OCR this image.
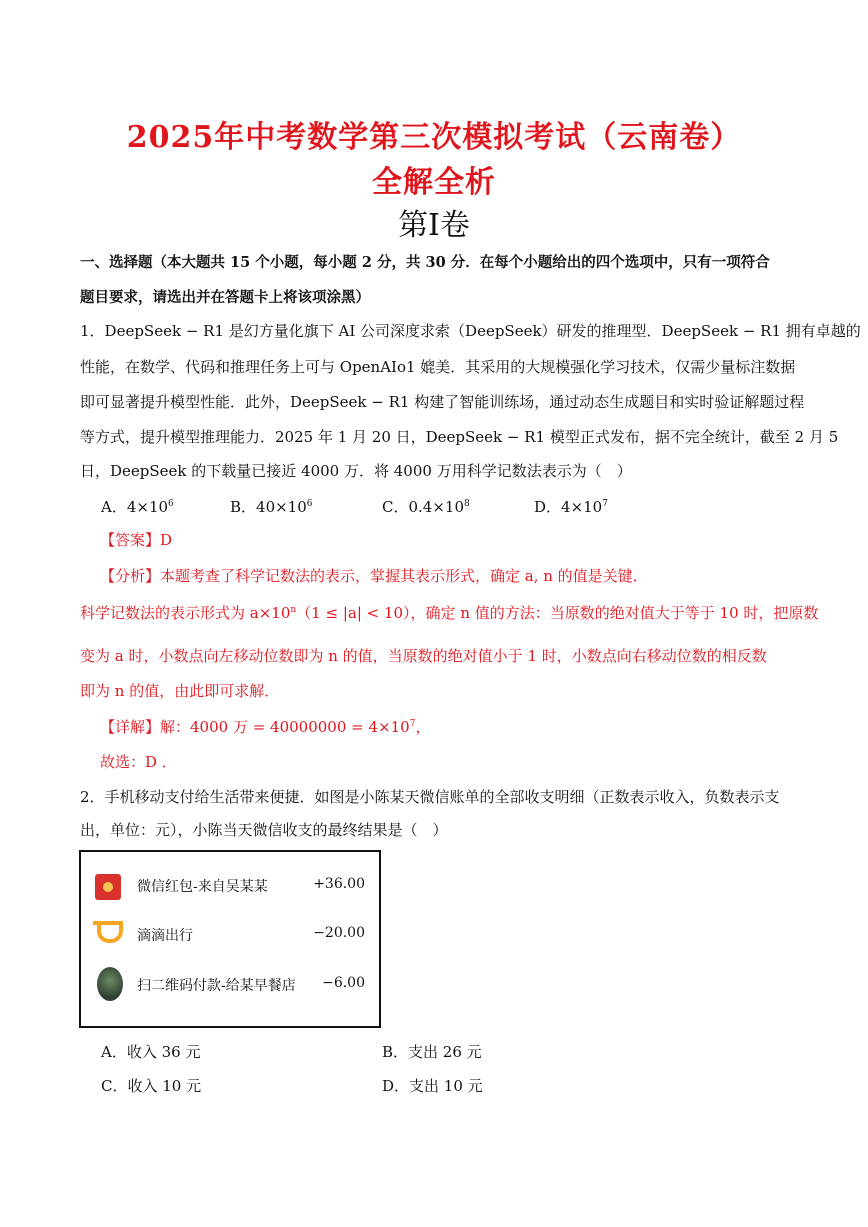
2025年中考数学第三次模拟考试（云南卷）
全解全析
第I卷
一、选择题（本大题共 15 个小题，每小题 2 分，共 30 分．在每个小题给出的四个选项中，只有一项符合
题目要求，请选出并在答题卡上将该项涂黑）
1．DeepSeek − R1 是幻方量化旗下 AI 公司深度求索（DeepSeek）研发的推理型．DeepSeek − R1 拥有卓越的
性能，在数学、代码和推理任务上可与 OpenAIo1 媲美．其采用的大规模强化学习技术，仅需少量标注数据
即可显著提升模型性能．此外，DeepSeek − R1 构建了智能训练场，通过动态生成题目和实时验证解题过程
等方式，提升模型推理能力．2025 年 1 月 20 日，DeepSeek − R1 模型正式发布，据不完全统计，截至 2 月 5
日，DeepSeek 的下载量已接近 4000 万．将 4000 万用科学记数法表示为（　）
A．$4\times 10^6$	B．$40\times 10^6$	C．$0.4\times 10^8$	D．$4\times 10^7$
【答案】D
【分析】本题考查了科学记数法的表示，掌握其表示形式，确定 a, n 的值是关键．
科学记数法的表示形式为 $a\times 10^n(1 \le |a| < 10)$，确定 n 值的方法：当原数的绝对值大于等于 10 时，把原数
变为 a 时，小数点向左移动位数即为 n 的值，当原数的绝对值小于 1 时，小数点向右移动位数的相反数
即为 n 的值，由此即可求解．
【详解】解：4000 万 = $40000000 = 4\times 10^7$，
故选：D ．
2．手机移动支付给生活带来便捷．如图是小陈某天微信账单的全部收支明细（正数表示收入，负数表示支
出，单位：元），小陈当天微信收支的最终结果是（　）
微信红包-来自吴某某	+36.00
滴滴出行	−20.00
扫二维码付款-给某早餐店 −6.00
A．收入 36 元	B．支出 26 元
C．收入 10 元	D．支出 10 元
